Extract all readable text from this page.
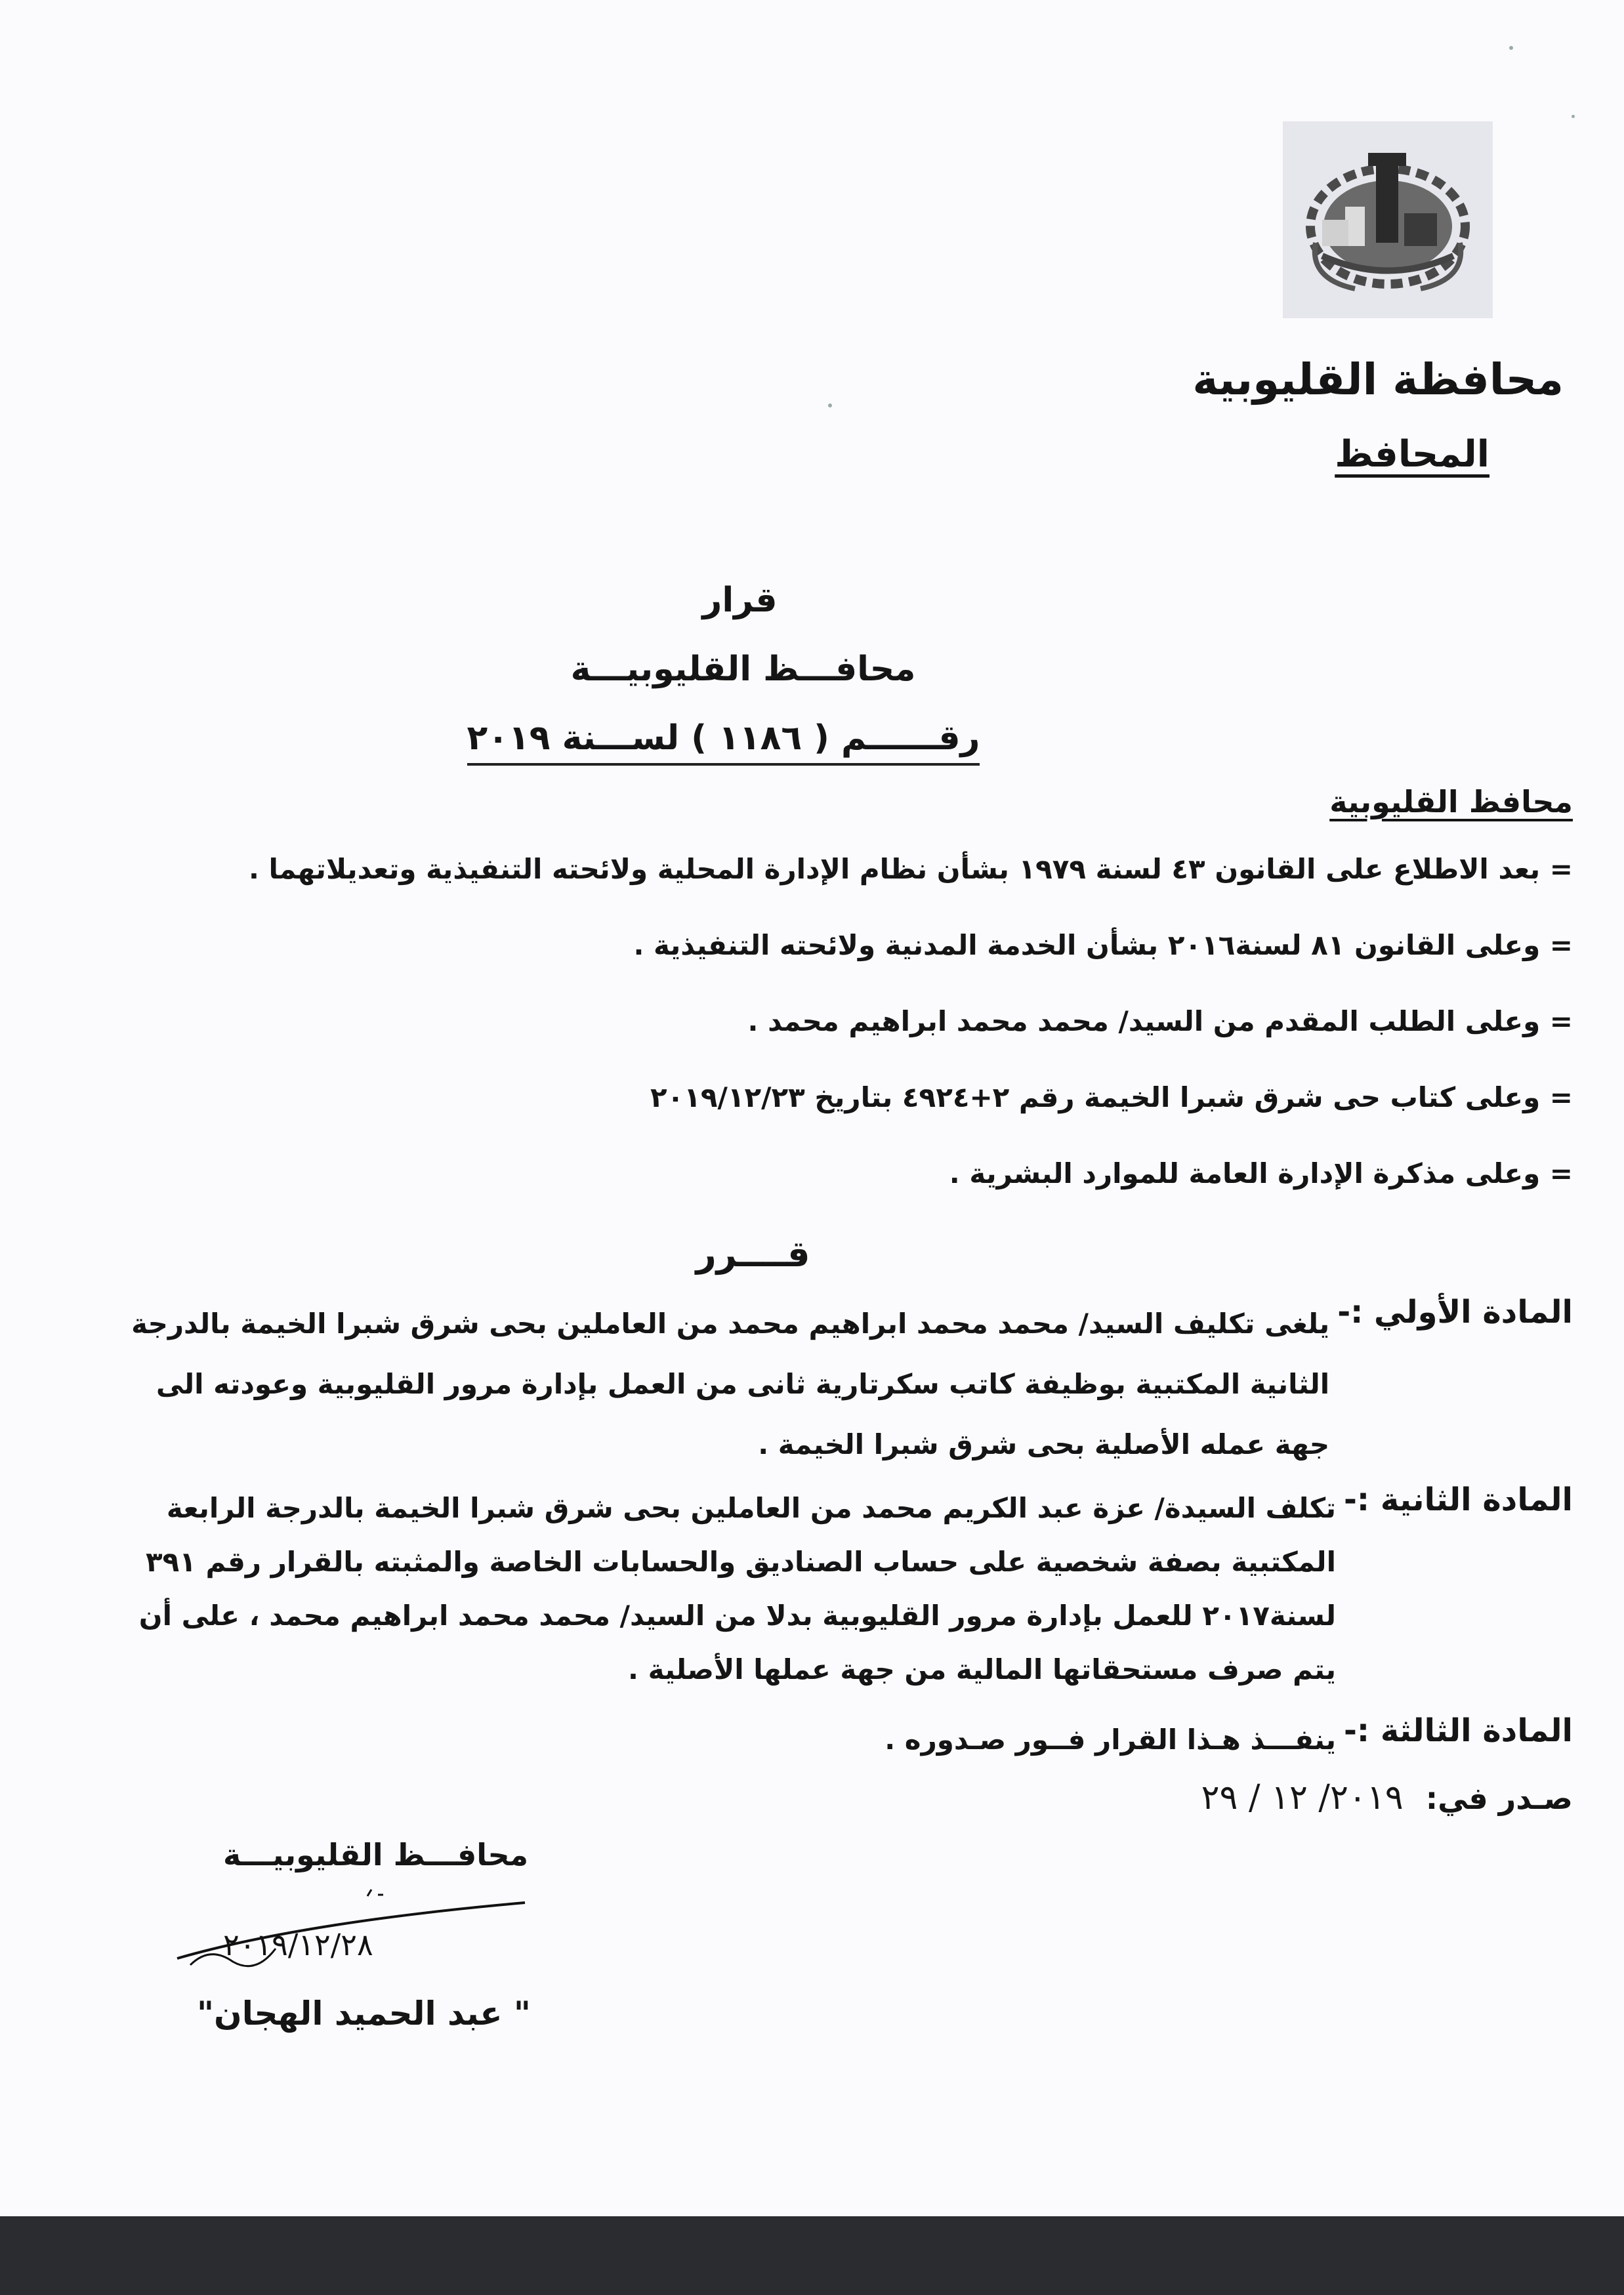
محافظة القليوبية
المحافظ
قرار
محافـــظ القليوبيـــة
رقــــــم ( ١١٨٦ ) لســـنة ٢٠١٩
محافظ القليوبية
= بعد الاطلاع على القانون ٤٣ لسنة ١٩٧٩ بشأن نظام الإدارة المحلية ولائحته التنفيذية وتعديلاتهما .
= وعلى القانون ٨١ لسنة٢٠١٦ بشأن الخدمة المدنية ولائحته التنفيذية .
= وعلى الطلب المقدم من السيد/ محمد محمد ابراهيم محمد .
= وعلى كتاب حى شرق شبرا الخيمة رقم ٢+٤٩٢٤ بتاريخ ٢٠١٩/١٢/٢٣
= وعلى مذكرة الإدارة العامة للموارد البشرية .
قــــرر
المادة الأولي :-
يلغى تكليف السيد/ محمد محمد ابراهيم محمد من العاملين بحى شرق شبرا الخيمة بالدرجة الثانية المكتبية بوظيفة كاتب سكرتارية ثانى من العمل بإدارة مرور القليوبية وعودته الى جهة عمله الأصلية بحى شرق شبرا الخيمة .
المادة الثانية :-
تكلف السيدة/ عزة عبد الكريم محمد من العاملين بحى شرق شبرا الخيمة بالدرجة الرابعة المكتبية بصفة شخصية على حساب الصناديق والحسابات الخاصة والمثبته بالقرار رقم ٣٩١ لسنة٢٠١٧ للعمل بإدارة مرور القليوبية بدلا من السيد/ محمد محمد ابراهيم محمد ، على أن يتم صرف مستحقاتها المالية من جهة عملها الأصلية .
المادة الثالثة :-
ينفـــذ هـذا القرار فــور صـدوره .
صـدر في: ٢٠١٩/ ١٢ / ٢٩
محافـــظ القليوبيـــة
٢٠١٩/١٢/٢٨
" عبد الحميد الهجان"
